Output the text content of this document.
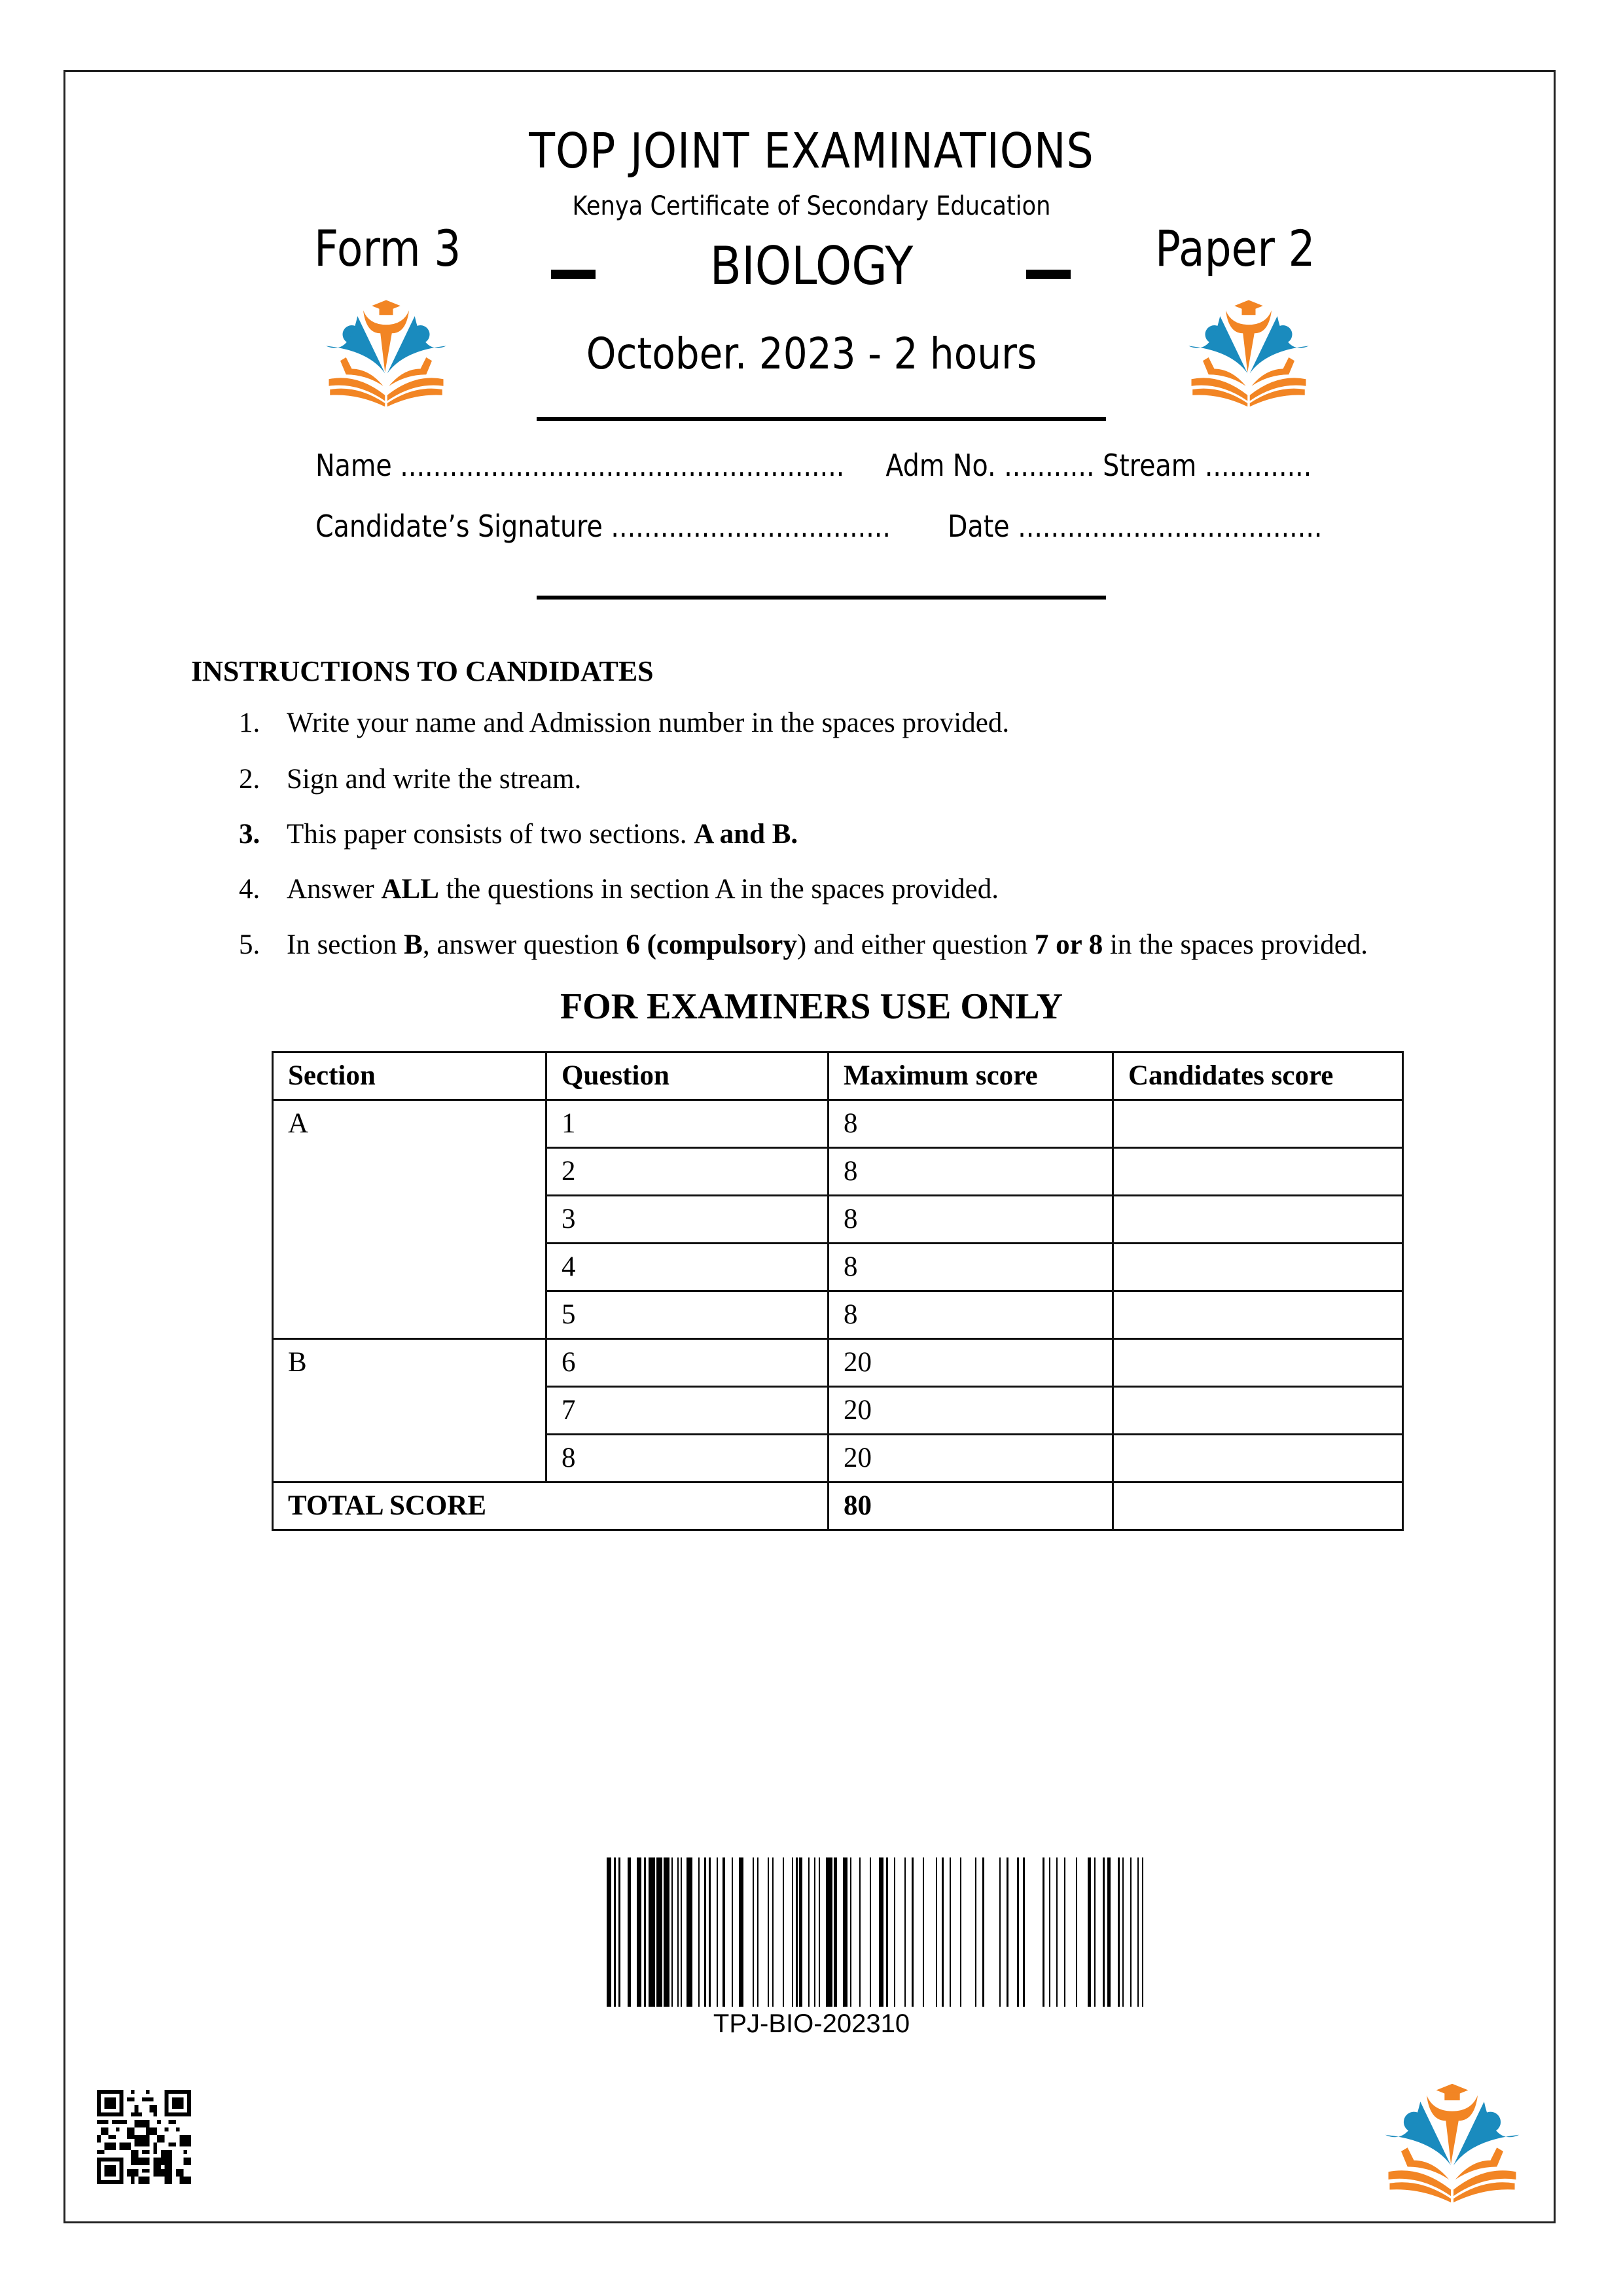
TOP JOINT EXAMINATIONS
Kenya Certificate of Secondary Education
Form 3	BIOLOGY	Paper 2
October. 2023 - 2 hours
Name ...................................................... Adm No. ........... Stream .............
Candidate’s Signature .................................. Date .....................................
INSTRUCTIONS TO CANDIDATES
1. Write your name and Admission number in the spaces provided.
2. Sign and write the stream.
3. This paper consists of two sections. A and B.
4. Answer ALL the questions in section A in the spaces provided.
5. In section B, answer question 6 (compulsory) and either question 7 or 8 in the spaces provided.
FOR EXAMINERS USE ONLY
Section	Question	Maximum score	Candidates score
A	1	8	
	2	8	
	3	8	
	4	8	
	5	8	
B	6	20	
	7	20	
	8	20	
TOTAL SCORE		80	
TPJ-BIO-202310
